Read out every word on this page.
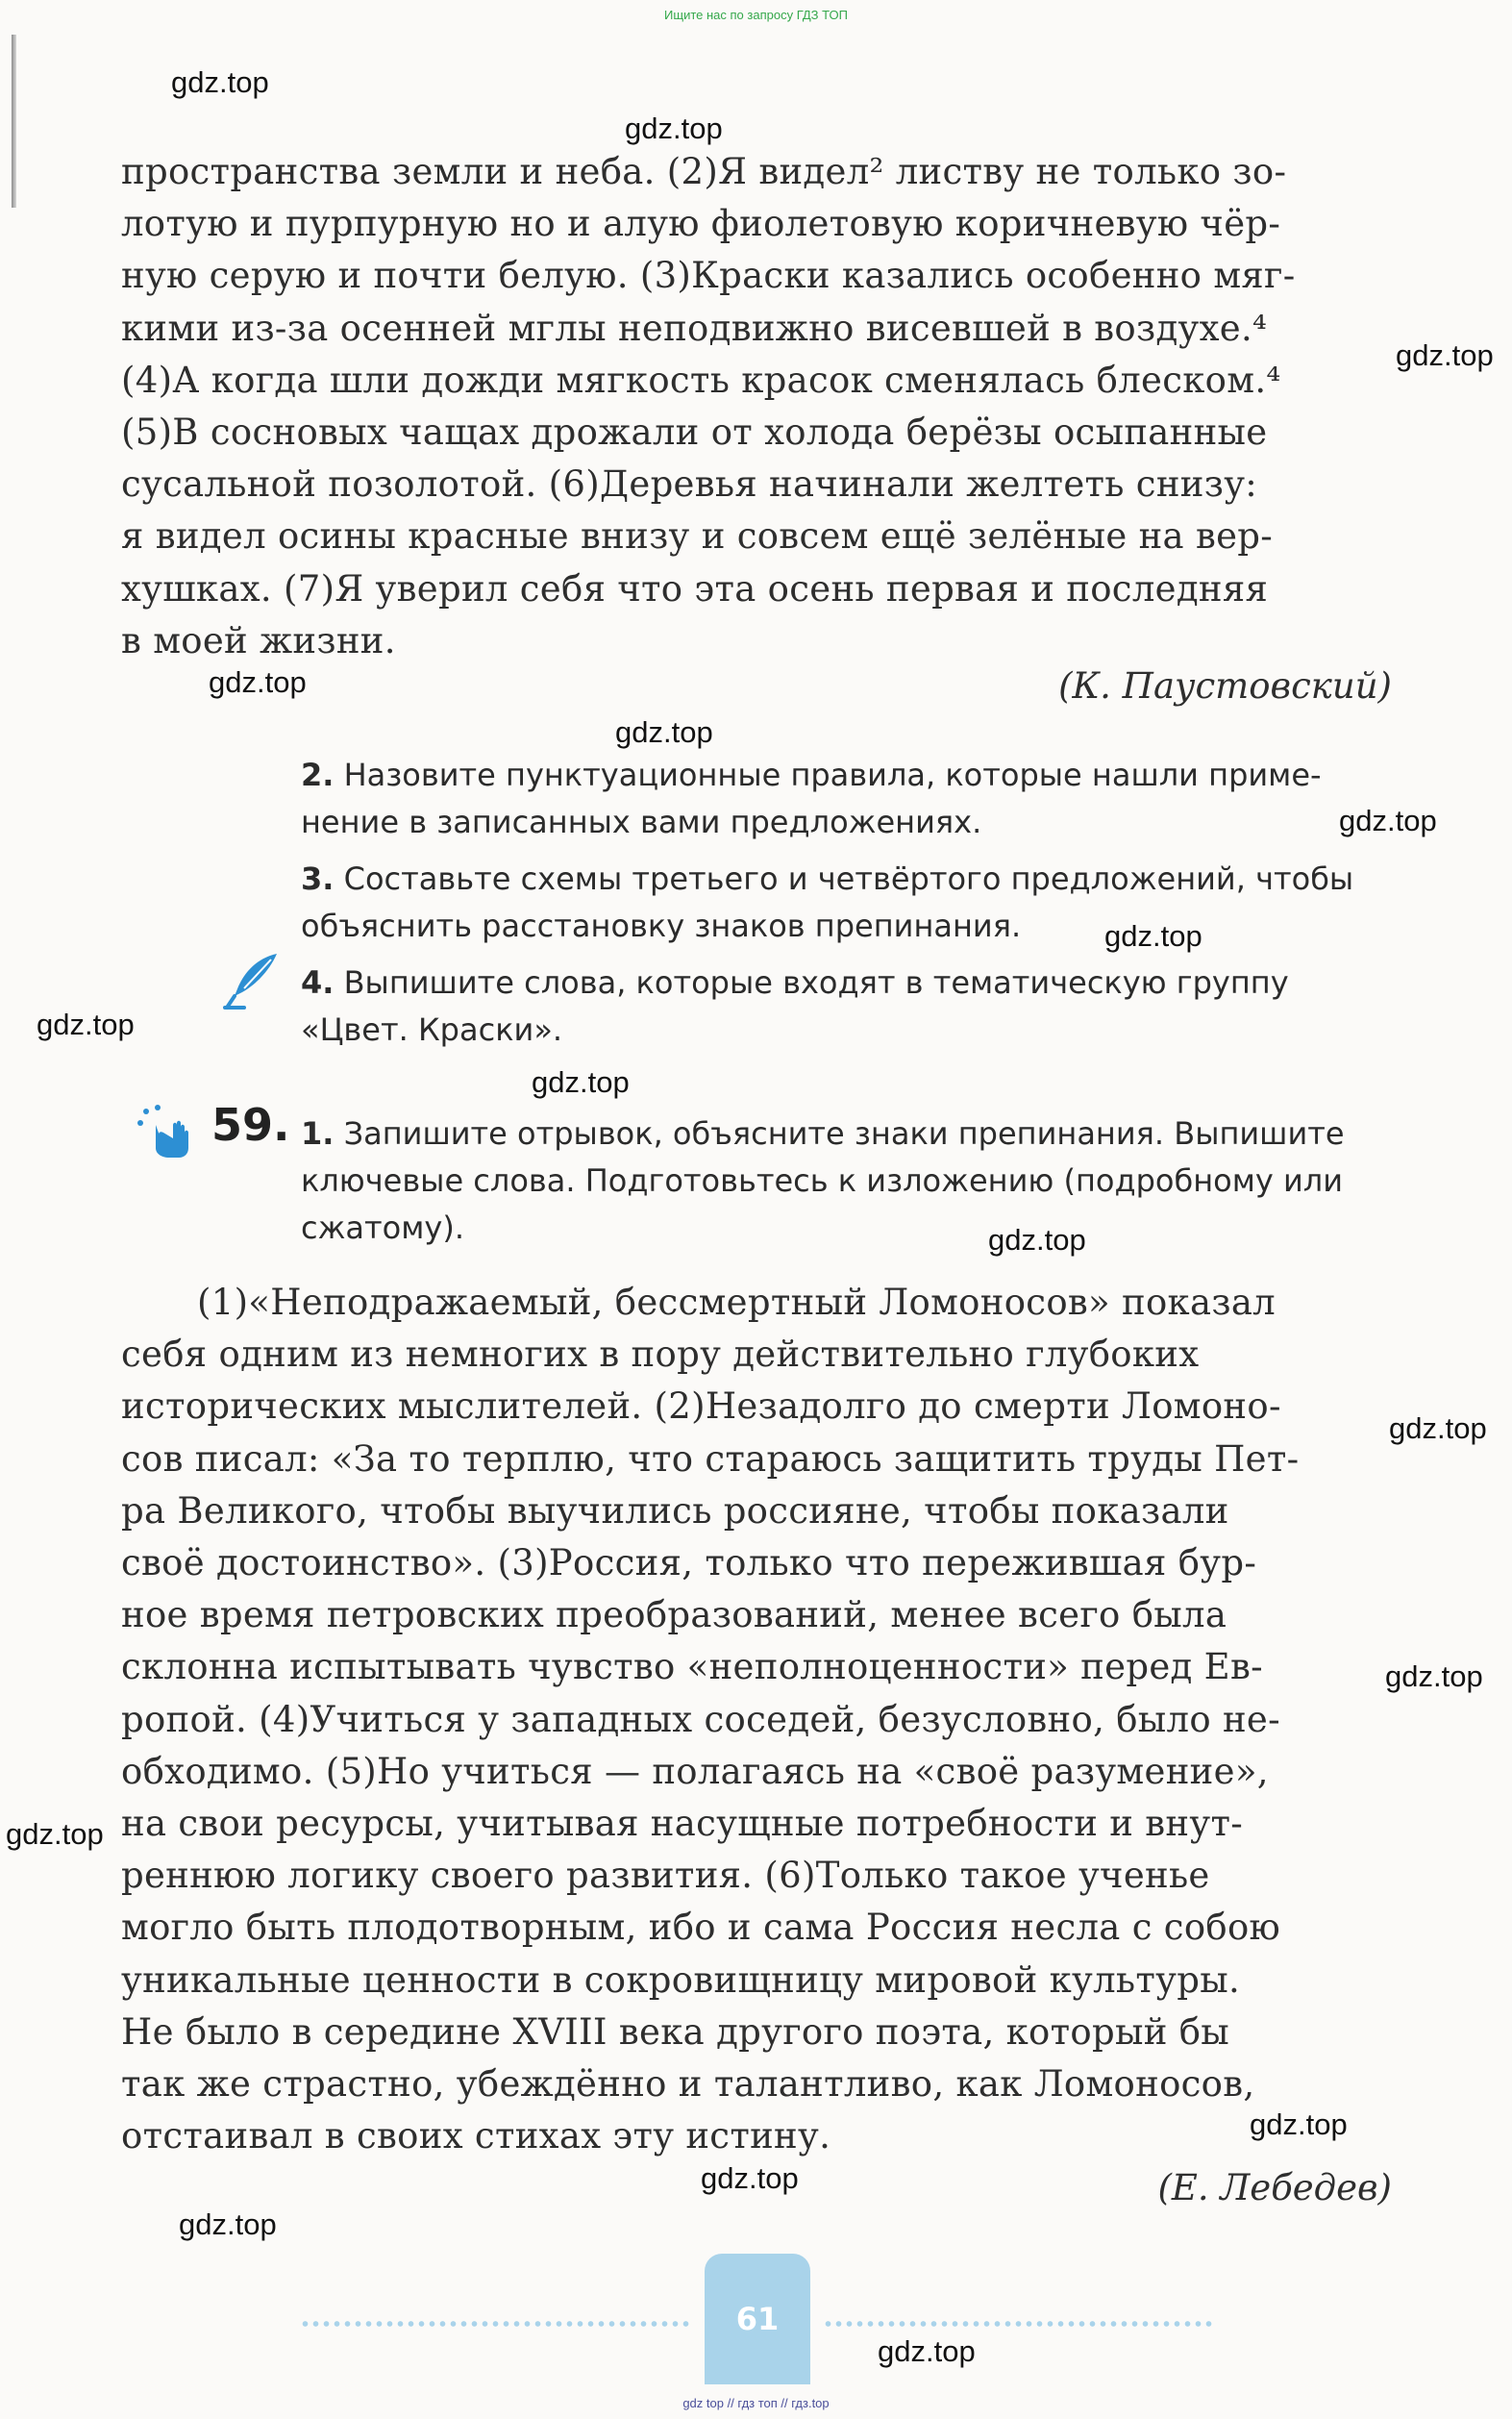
Ищите нас по запросу ГДЗ ТОП
пространства земли и неба. (2)Я видел² листву не только зо-
лотую и пурпурную но и алую фиолетовую коричневую чёр-
ную серую и почти белую. (3)Краски казались особенно мяг-
кими из-за осенней мглы неподвижно висевшей в воздухе.⁴
(4)А когда шли дожди мягкость красок сменялась блеском.⁴
(5)В сосновых чащах дрожали от холода берёзы осыпанные
сусальной позолотой. (6)Деревья начинали желтеть снизу:
я видел осины красные внизу и совсем ещё зелёные на вер-
хушках. (7)Я уверил себя что эта осень первая и последняя
в моей жизни.
(К. Паустовский)
2. Назовите пунктуационные правила, которые нашли приме-
нение в записанных вами предложениях.
3. Составьте схемы третьего и четвёртого предложений, чтобы
объяснить расстановку знаков препинания.
4. Выпишите слова, которые входят в тематическую группу
«Цвет. Краски».
59. 1. Запишите отрывок, объясните знаки препинания. Выпишите
ключевые слова. Подготовьтесь к изложению (подробному или
сжатому).
(1)«Неподражаемый, бессмертный Ломоносов» показал
себя одним из немногих в пору действительно глубоких
исторических мыслителей. (2)Незадолго до смерти Ломоно-
сов писал: «За то терплю, что стараюсь защитить труды Пет-
ра Великого, чтобы выучились россияне, чтобы показали
своё достоинство». (3)Россия, только что пережившая бур-
ное время петровских преобразований, менее всего была
склонна испытывать чувство «неполноценности» перед Ев-
ропой. (4)Учиться у западных соседей, безусловно, было не-
обходимо. (5)Но учиться — полагаясь на «своё разумение»,
на свои ресурсы, учитывая насущные потребности и внут-
реннюю логику своего развития. (6)Только такое ученье
могло быть плодотворным, ибо и сама Россия несла с собою
уникальные ценности в сокровищницу мировой культуры.
Не было в середине XVIII века другого поэта, который бы
так же страстно, убеждённо и талантливо, как Ломоносов,
отстаивал в своих стихах эту истину.
(Е. Лебедев)
61
gdz.top
gdz.top
gdz.top
gdz.top
gdz.top
gdz.top
gdz.top
gdz.top
gdz.top
gdz.top
gdz.top
gdz.top
gdz.top
gdz.top
gdz.top
gdz.top
gdz.top
gdz top // гдз топ // гдз.top
